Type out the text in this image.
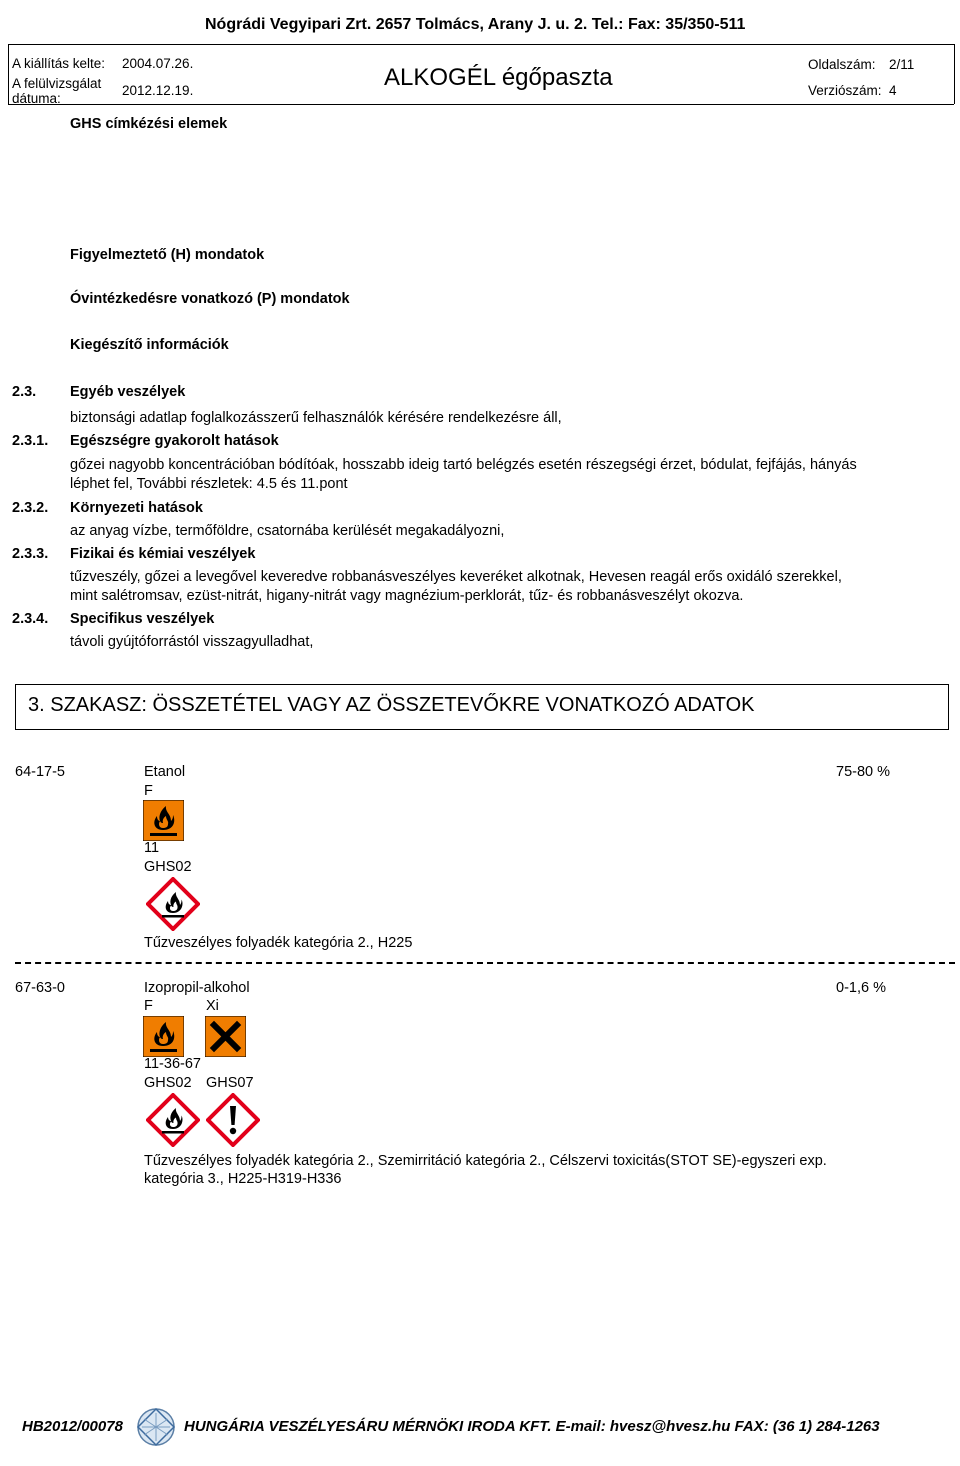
Nógrádi Vegyipari Zrt. 2657 Tolmács, Arany J. u. 2. Tel.: Fax: 35/350-511
A kiállítás kelte: 2004.07.26.
A felülvizsgálat
dátuma:
2012.12.19.	ALKOGÉL égőpaszta	Oldalszám: 2/11
Verziószám: 4
GHS címkézési elemek
Figyelmeztető (H) mondatok
Óvintézkedésre vonatkozó (P) mondatok
Kiegészítő információk
2.3. Egyéb veszélyek
biztonsági adatlap foglalkozásszerű felhasználók kérésére rendelkezésre áll,
2.3.1. Egészségre gyakorolt hatások
gőzei nagyobb koncentrációban bódítóak, hosszabb ideig tartó belégzés esetén részegségi érzet, bódulat, fejfájás, hányás
léphet fel, További részletek: 4.5 és 11.pont
2.3.2. Környezeti hatások
az anyag vízbe, termőföldre, csatornába kerülését megakadályozni,
2.3.3. Fizikai és kémiai veszélyek
tűzveszély, gőzei a levegővel keveredve robbanásveszélyes keveréket alkotnak, Hevesen reagál erős oxidáló szerekkel,
mint salétromsav, ezüst-nitrát, higany-nitrát vagy magnézium-perklorát, tűz- és robbanásveszélyt okozva.
2.3.4. Specifikus veszélyek
távoli gyújtóforrástól visszagyulladhat,
3. SZAKASZ: ÖSSZETÉTEL VAGY AZ ÖSSZETEVŐKRE VONATKOZÓ ADATOK
64-17-5	Etanol	75-80 %
F
11
GHS02
Tűzveszélyes folyadék kategória 2., H225
67-63-0	Izopropil-alkohol	0-1,6 %
F	Xi
11-36-67
GHS02 GHS07
Tűzveszélyes folyadék kategória 2., Szemirritáció kategória 2., Célszervi toxicitás(STOT SE)-egyszeri exp.
kategória 3., H225-H319-H336
HB2012/00078	HUNGÁRIA VESZÉLYESÁRU MÉRNÖKI IRODA KFT. E-mail: hvesz@hvesz.hu FAX: (36 1) 284-1263
